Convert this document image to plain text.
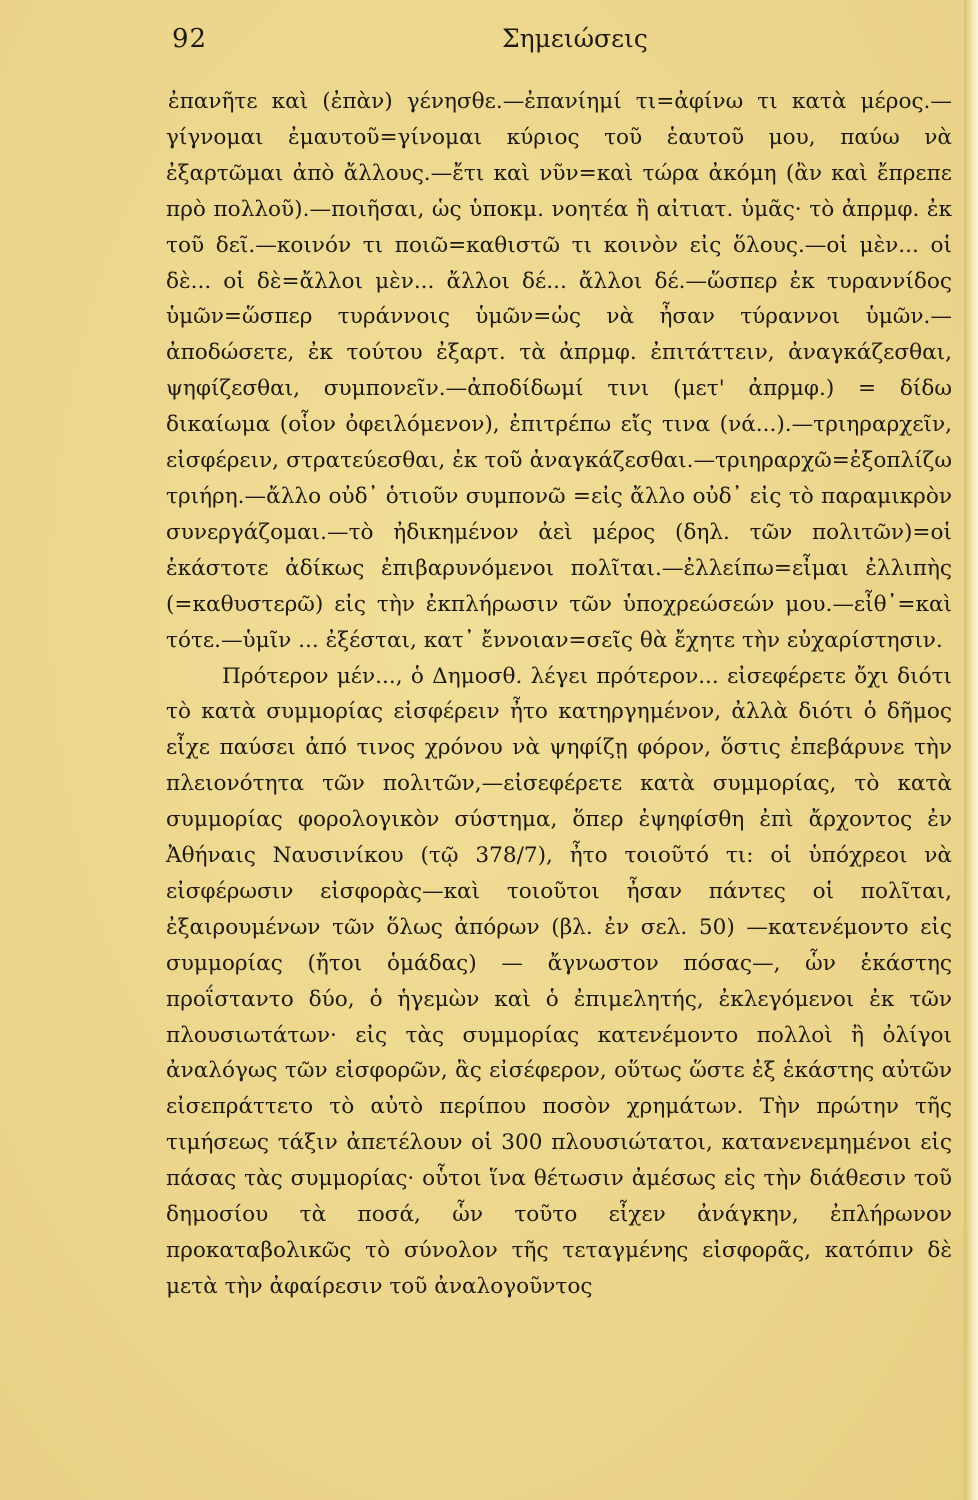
92	Σημειώσεις

ἐπανῆτε καὶ (ἐπὰν) γένησθε.—ἐπανίημί τι=ἀφίνω τι κατὰ μέρος.—γίγνομαι ἐμαυτοῦ=γίνομαι κύριος τοῦ ἑαυτοῦ μου, παύω νὰ ἐξαρτῶμαι ἀπὸ ἄλλους.—ἔτι καὶ νῦν=καὶ τώρα ἀκόμη (ἂν καὶ ἔπρεπε πρὸ πολλοῦ).—ποιῆσαι, ὡς ὑποκμ. νοητέα ἢ αἰτιατ. ὑμᾶς· τὸ ἀπρμφ. ἐκ τοῦ δεῖ.—κοινόν τι ποιῶ=καθιστῶ τι κοινὸν εἰς ὅλους.—οἱ μὲν... οἱ δὲ... οἱ δὲ=ἄλλοι μὲν... ἄλλοι δέ... ἄλλοι δέ.—ὥσπερ ἐκ τυραννίδος ὑμῶν=ὥσπερ τυράννοις ὑμῶν=ὡς νὰ ἦσαν τύραννοι ὑμῶν.—ἀποδώσετε, ἐκ τούτου ἐξαρτ. τὰ ἀπρμφ. ἐπιτάττειν, ἀναγκάζεσθαι, ψηφίζεσθαι, συμπονεῖν.—ἀποδίδωμί τινι (μετ' ἀπρμφ.) = δίδω δικαίωμα (οἷον ὀφειλόμενον), ἐπιτρέπω εἴς τινα (νά...).—τριηραρχεῖν, εἰσφέρειν, στρατεύεσθαι, ἐκ τοῦ ἀναγκάζεσθαι.—τριηραρχῶ=ἐξοπλίζω τριήρη.—ἄλλο οὐδ᾽ ὁτιοῦν συμπονῶ =εἰς ἄλλο οὐδ᾽ εἰς τὸ παραμικρὸν συνεργάζομαι.—τὸ ἠδικημένον ἀεὶ μέρος (δηλ. τῶν πολιτῶν)=οἱ ἑκάστοτε ἀδίκως ἐπιβαρυνόμενοι πολῖται.—ἐλλείπω=εἶμαι ἐλλιπὴς (=καθυστερῶ) εἰς τὴν ἐκπλήρωσιν τῶν ὑποχρεώσεών μου.—εἶθ᾽=καὶ τότε.—ὑμῖν ... ἐξέσται, κατ᾽ ἔννοιαν=σεῖς θὰ ἔχητε τὴν εὐχαρίστησιν.

Πρότερον μέν..., ὁ Δημοσθ. λέγει πρότερον... εἰσεφέρετε ὄχι διότι τὸ κατὰ συμμορίας εἰσφέρειν ἦτο κατηργημένον, ἀλλὰ διότι ὁ δῆμος εἶχε παύσει ἀπό τινος χρόνου νὰ ψηφίζῃ φόρον, ὅστις ἐπεβάρυνε τὴν πλειονότητα τῶν πολιτῶν,—εἰσεφέρετε κατὰ συμμορίας, τὸ κατὰ συμμορίας φορολογικὸν σύστημα, ὅπερ ἐψηφίσθη ἐπὶ ἄρχοντος ἐν Ἀθήναις Ναυσινίκου (τῷ 378/7), ἦτο τοιοῦτό τι: οἱ ὑπόχρεοι νὰ εἰσφέρωσιν εἰσφορὰς—καὶ τοιοῦτοι ἦσαν πάντες οἱ πολῖται, ἐξαιρουμένων τῶν ὅλως ἀπόρων (βλ. ἐν σελ. 50) —κατενέμοντο εἰς συμμορίας (ἤτοι ὁμάδας) — ἄγνωστον πόσας—, ὧν ἑκάστης προΐσταντο δύο, ὁ ἡγεμὼν καὶ ὁ ἐπιμελητής, ἐκλεγόμενοι ἐκ τῶν πλουσιωτάτων· εἰς τὰς συμμορίας κατενέμοντο πολλοὶ ἢ ὀλίγοι ἀναλόγως τῶν εἰσφορῶν, ἃς εἰσέφερον, οὕτως ὥστε ἐξ ἑκάστης αὐτῶν εἰσεπράττετο τὸ αὐτὸ περίπου ποσὸν χρημάτων. Τὴν πρώτην τῆς τιμήσεως τάξιν ἀπετέλουν οἱ 300 πλουσιώτατοι, κατανενεμημένοι εἰς πάσας τὰς συμμορίας· οὗτοι ἵνα θέτωσιν ἀμέσως εἰς τὴν διάθεσιν τοῦ δημοσίου τὰ ποσά, ὧν τοῦτο εἶχεν ἀνάγκην, ἐπλήρωνον προκαταβολικῶς τὸ σύνολον τῆς τεταγμένης εἰσφορᾶς, κατόπιν δὲ μετὰ τὴν ἀφαίρεσιν τοῦ ἀναλογοῦντος
